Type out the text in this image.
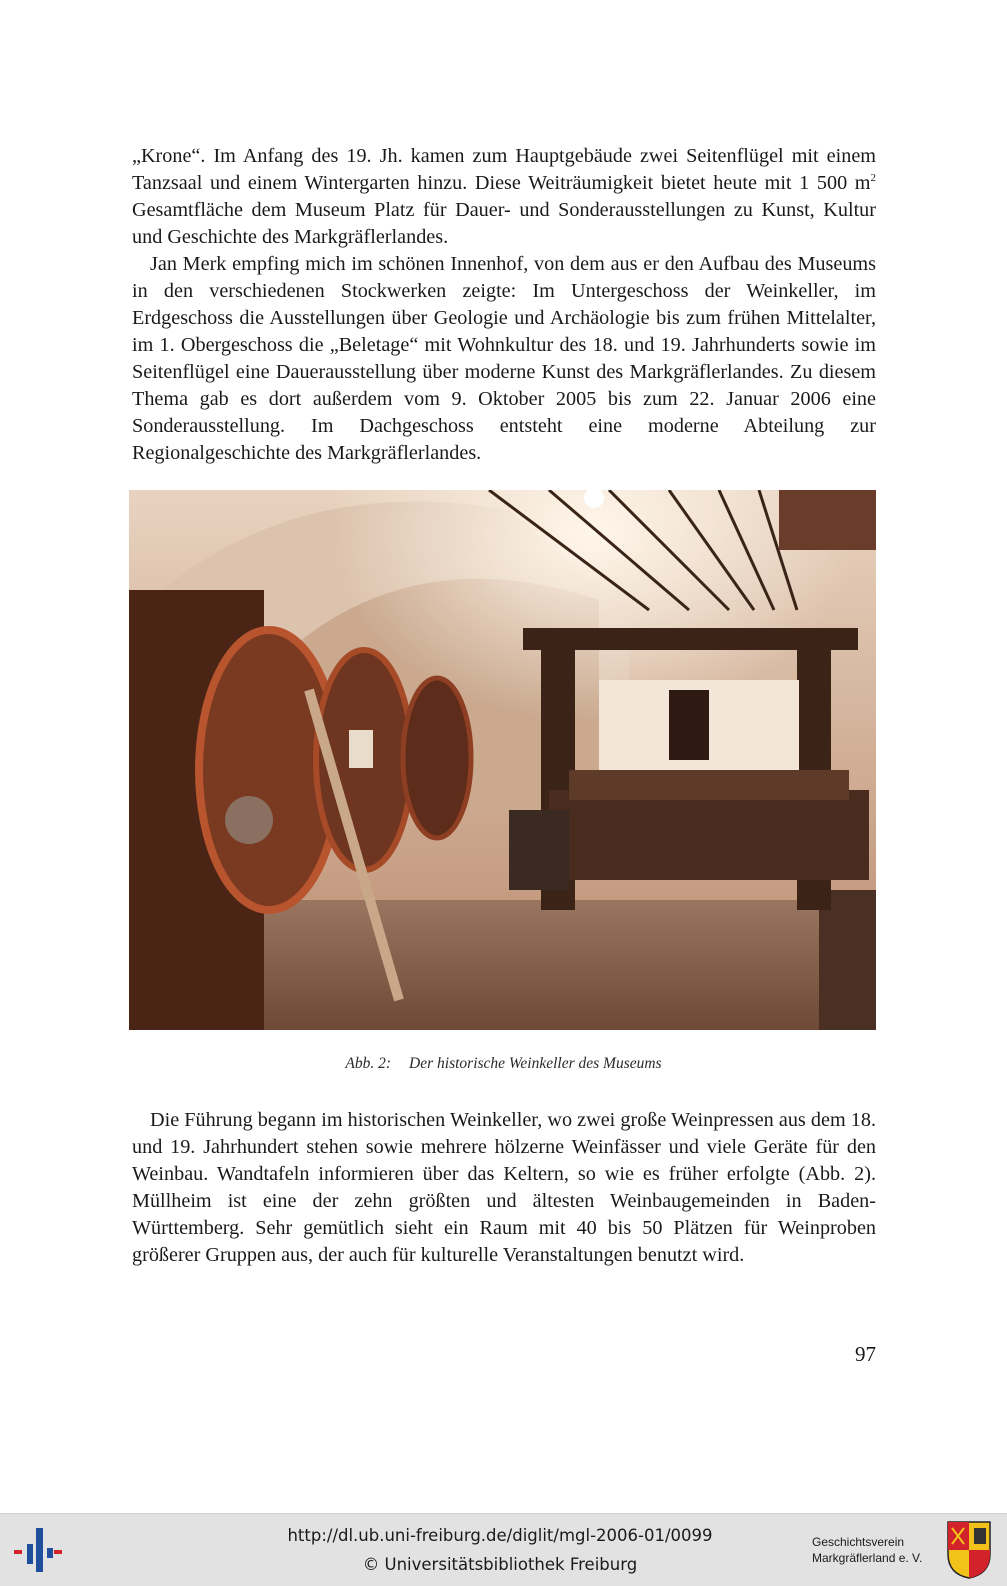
„Krone“. Im Anfang des 19. Jh. kamen zum Hauptgebäude zwei Seitenflügel mit einem Tanzsaal und einem Wintergarten hinzu. Diese Weiträumigkeit bietet heute mit 1 500 $m^2$ Gesamtfläche dem Museum Platz für Dauer- und Sonderausstellungen zu Kunst, Kultur und Geschichte des Markgräflerlandes.

Jan Merk empfing mich im schönen Innenhof, von dem aus er den Aufbau des Museums in den verschiedenen Stockwerken zeigte: Im Untergeschoss der Weinkeller, im Erdgeschoss die Ausstellungen über Geologie und Archäologie bis zum frühen Mittelalter, im 1. Obergeschoss die „Beletage“ mit Wohnkultur des 18. und 19. Jahrhunderts sowie im Seitenflügel eine Dauerausstellung über moderne Kunst des Markgräflerlandes. Zu diesem Thema gab es dort außerdem vom 9. Oktober 2005 bis zum 22. Januar 2006 eine Sonderausstellung. Im Dachgeschoss entsteht eine moderne Abteilung zur Regionalgeschichte des Markgräflerlandes.

Abb. 2: Der historische Weinkeller des Museums

Die Führung begann im historischen Weinkeller, wo zwei große Weinpressen aus dem 18. und 19. Jahrhundert stehen sowie mehrere hölzerne Weinfässer und viele Geräte für den Weinbau. Wandtafeln informieren über das Keltern, so wie es früher erfolgte (Abb. 2). Müllheim ist eine der zehn größten und ältesten Weinbaugemeinden in Baden-Württemberg. Sehr gemütlich sieht ein Raum mit 40 bis 50 Plätzen für Weinproben größerer Gruppen aus, der auch für kulturelle Veranstaltungen benutzt wird.

97
http://dl.ub.uni-freiburg.de/diglit/mgl-2006-01/0099
© Universitätsbibliothek Freiburg
Geschichtsverein
Markgräflerland e. V.
